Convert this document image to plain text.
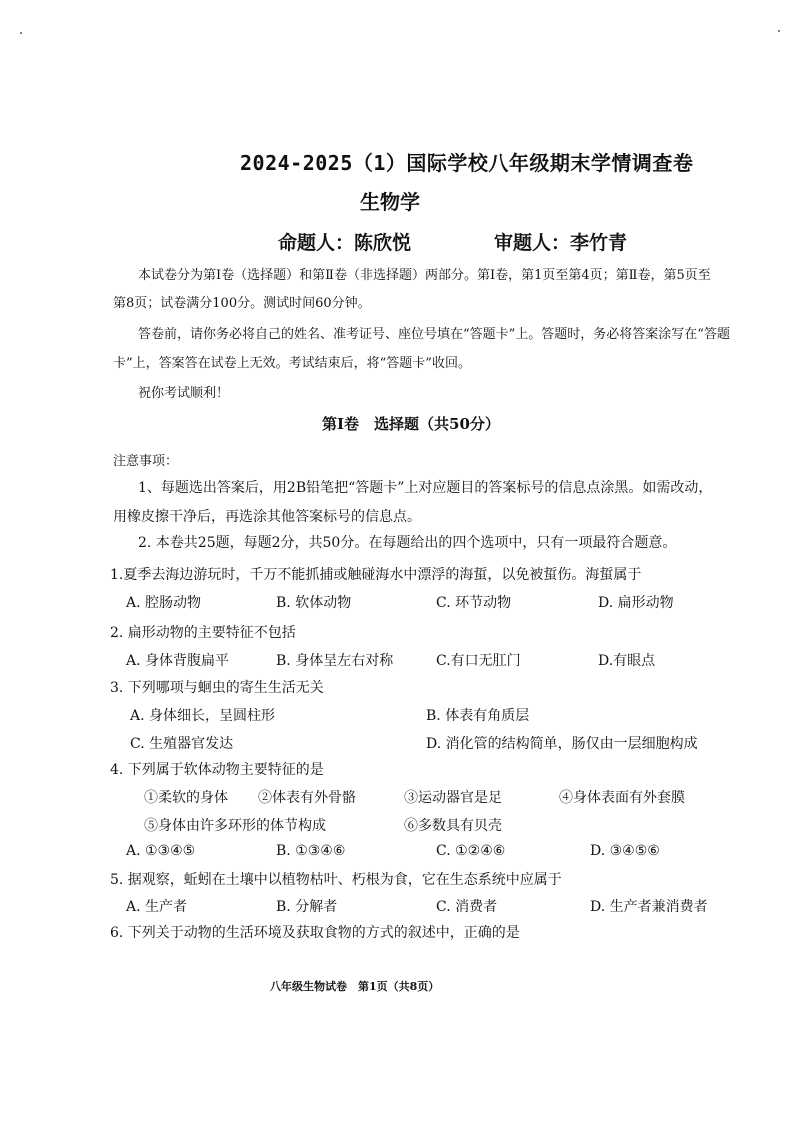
2024-2025（1）国际学校八年级期末学情调查卷
生物学
命题人：陈欣悦	审题人：李竹青
本试卷分为第Ⅰ卷（选择题）和第Ⅱ卷（非选择题）两部分。第Ⅰ卷，第1页至第4页；第Ⅱ卷，第5页至
第8页；试卷满分100分。测试时间60分钟。
答卷前，请你务必将自己的姓名、准考证号、座位号填在“答题卡”上。答题时，务必将答案涂写在“答题
卡”上，答案答在试卷上无效。考试结束后，将“答题卡”收回。
祝你考试顺利！
第Ⅰ卷　选择题（共50分）
注意事项：
1、每题选出答案后，用2B铅笔把“答题卡”上对应题目的答案标号的信息点涂黑。如需改动，
用橡皮擦干净后，再选涂其他答案标号的信息点。
2. 本卷共25题，每题2分，共50分。在每题给出的四个选项中，只有一项最符合题意。
1.夏季去海边游玩时，千万不能抓捕或触碰海水中漂浮的海蜇，以免被蜇伤。海蜇属于
A. 腔肠动物	B. 软体动物	C. 环节动物	D. 扁形动物
2. 扁形动物的主要特征不包括
A. 身体背腹扁平	B. 身体呈左右对称	C.有口无肛门	D.有眼点
3. 下列哪项与蛔虫的寄生生活无关
A. 身体细长，呈圆柱形	B. 体表有角质层
C. 生殖器官发达	D. 消化管的结构简单，肠仅由一层细胞构成
4. 下列属于软体动物主要特征的是
①柔软的身体 ②体表有外骨骼	③运动器官是足	④身体表面有外套膜
⑤身体由许多环形的体节构成	⑥多数具有贝壳
A. ①③④⑤	B. ①③④⑥	C. ①②④⑥	D. ③④⑤⑥
5. 据观察，蚯蚓在土壤中以植物枯叶、朽根为食，它在生态系统中应属于
A. 生产者	B. 分解者	C. 消费者	D. 生产者兼消费者
6. 下列关于动物的生活环境及获取食物的方式的叙述中，正确的是
八年级生物试卷　第1页（共8页）
